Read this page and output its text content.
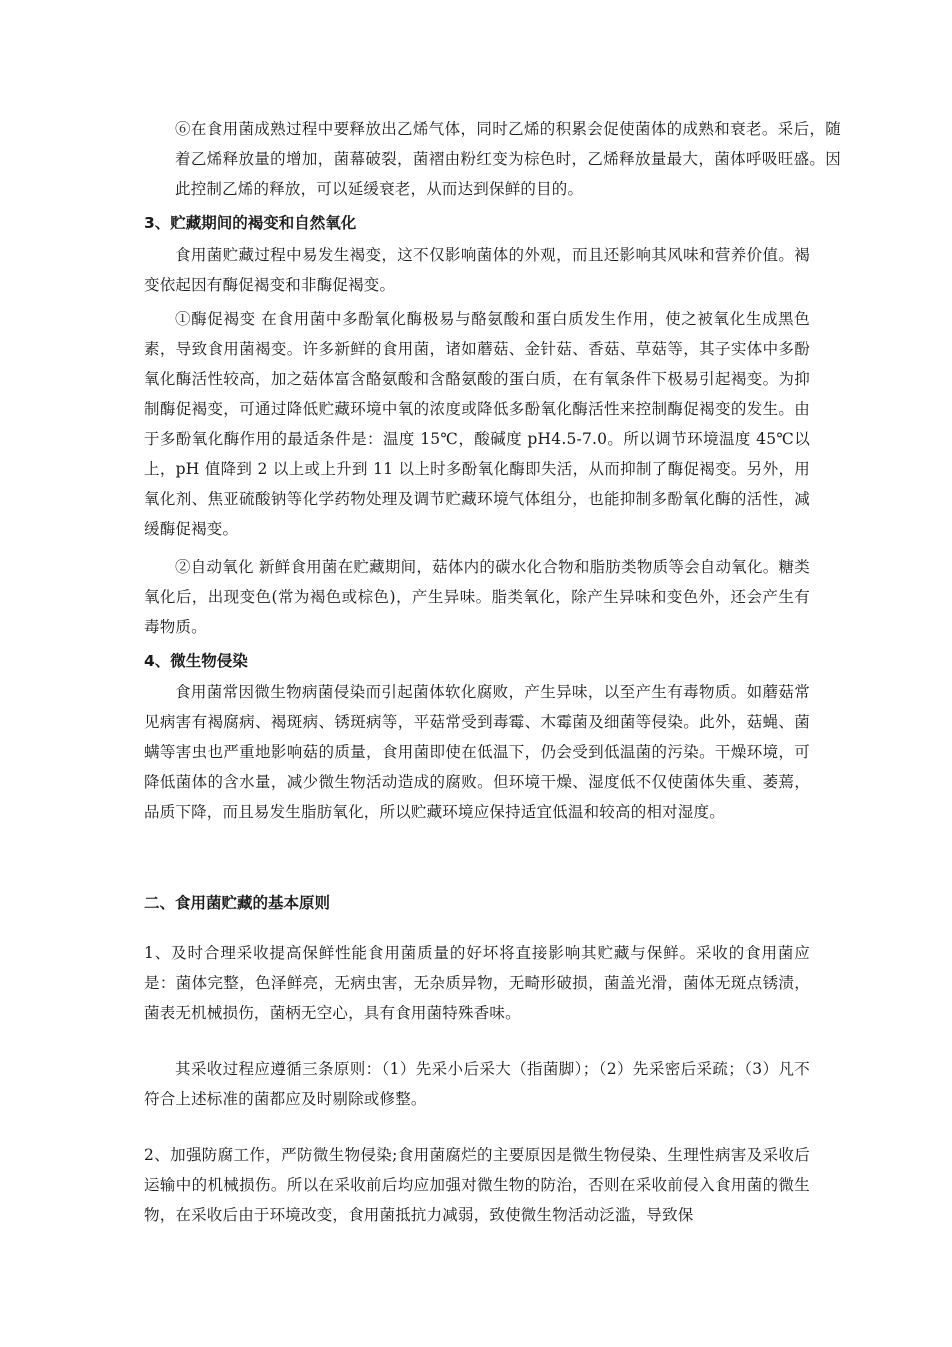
⑥在食用菌成熟过程中要释放出乙烯气体，同时乙烯的积累会促使菌体的成熟和衰老。采后，随着乙烯释放量的增加，菌幕破裂，菌褶由粉红变为棕色时，乙烯释放量最大，菌体呼吸旺盛。因此控制乙烯的释放，可以延缓衰老，从而达到保鲜的目的。

3、贮藏期间的褐变和自然氧化

食用菌贮藏过程中易发生褐变，这不仅影响菌体的外观，而且还影响其风味和营养价值。褐变依起因有酶促褐变和非酶促褐变。

①酶促褐变 在食用菌中多酚氧化酶极易与酪氨酸和蛋白质发生作用，使之被氧化生成黑色素，导致食用菌褐变。许多新鲜的食用菌，诸如蘑菇、金针菇、香菇、草菇等，其子实体中多酚氧化酶活性较高，加之菇体富含酪氨酸和含酪氨酸的蛋白质，在有氧条件下极易引起褐变。为抑制酶促褐变，可通过降低贮藏环境中氧的浓度或降低多酚氧化酶活性来控制酶促褐变的发生。由于多酚氧化酶作用的最适条件是：温度 15℃，酸碱度 pH4.5-7.0。所以调节环境温度 45℃以上，pH 值降到 2 以上或上升到 11 以上时多酚氧化酶即失活，从而抑制了酶促褐变。另外，用氧化剂、焦亚硫酸钠等化学药物处理及调节贮藏环境气体组分，也能抑制多酚氧化酶的活性，减缓酶促褐变。

②自动氧化 新鲜食用菌在贮藏期间，菇体内的碳水化合物和脂肪类物质等会自动氧化。糖类氧化后，出现变色(常为褐色或棕色)，产生异味。脂类氧化，除产生异味和变色外，还会产生有毒物质。

4、微生物侵染

食用菌常因微生物病菌侵染而引起菌体软化腐败，产生异味，以至产生有毒物质。如蘑菇常见病害有褐腐病、褐斑病、锈斑病等，平菇常受到毒霉、木霉菌及细菌等侵染。此外，菇蝇、菌螨等害虫也严重地影响菇的质量，食用菌即使在低温下，仍会受到低温菌的污染。干燥环境，可降低菌体的含水量，减少微生物活动造成的腐败。但环境干燥、湿度低不仅使菌体失重、萎蔫，品质下降，而且易发生脂肪氧化，所以贮藏环境应保持适宜低温和较高的相对湿度。

二、食用菌贮藏的基本原则

1、及时合理采收提高保鲜性能食用菌质量的好坏将直接影响其贮藏与保鲜。采收的食用菌应是：菌体完整，色泽鲜亮，无病虫害，无杂质异物，无畸形破损，菌盖光滑，菌体无斑点锈渍，菌表无机械损伤，菌柄无空心，具有食用菌特殊香味。

其采收过程应遵循三条原则：（1）先采小后采大（指菌脚）；（2）先采密后采疏；（3）凡不符合上述标准的菌都应及时剔除或修整。

2、加强防腐工作，严防微生物侵染;食用菌腐烂的主要原因是微生物侵染、生理性病害及采收后运输中的机械损伤。所以在采收前后均应加强对微生物的防治，否则在采收前侵入食用菌的微生物，在采收后由于环境改变，食用菌抵抗力减弱，致使微生物活动泛滥，导致保
